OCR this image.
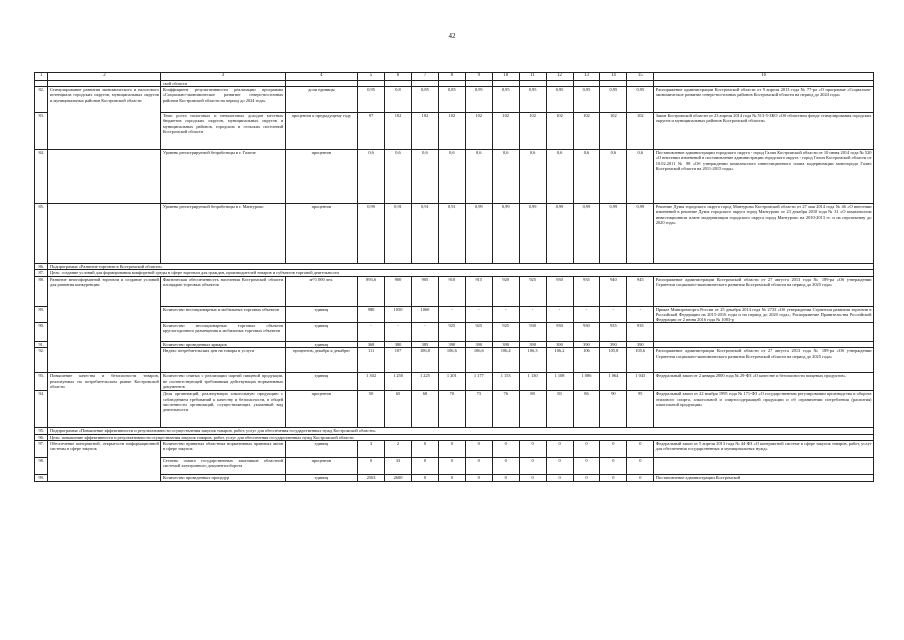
42
1	2	3	4	5	6	7	8	9	10	11	12	13	14	15	16
		ской области													
82.	Стимулирование развития экономического и налогового потенциала городских округов, муниципальных округов и муниципальных районов Костромской области	Коэффициент результативности реализации программы «Социально-экономическое развитие северо-восточных районов Костромской области на период до 2024 года»	доли единицы	0,95	0,8	0,85	0,85	0,95	0,95	0,95	0,95	0,95	0,95	0,95	Распоряжение администрации Костромской области от 9 апреля 2013 года № 77-ра «О программе «Социально-экономическое развитие северо-восточных районов Костромской области на период до 2024 года»
83.		Темп роста налоговых и неналоговых доходов местных бюджетов городских округов, муниципальных округов и муниципальных районов, городских и сельских поселений Костромской области	процентов к предыдущему году	97	102	102	102	102	102	102	102	102	102	102	Закон Костромской области от 23 апреля 2014 года № 513-5-ЗКО «Об областном фонде стимулирования городских округов и муниципальных районов Костромской области»
84.		Уровень регистрируемой безработицы в г. Галиче	процентов	0,6	0,6	0,6	0,6	0,6	0,6	0,6	0,6	0,6	0,6	0,6	Постановление администрации городского округа - город Галич Костромской области от 10 июня 2014 года № 520 «О внесении изменений в постановление администрации городского округа - город Галич Костромской области от 10.02.2011 № 98 «Об утверждении комплексного инвестиционного плана модернизации моногорода Галич Костромской области на 2011-2015 годы»
85.		Уровень регистрируемой безработицы в г. Мантурово	процентов	0,99	0,91	0,91	0,91	0,99	0,99	0,99	0,99	0,99	0,99	0,99	Решение Думы городского округа город Мантурово Костромской области от 27 мая 2014 года № 46 «О внесении изменений в решение Думы городского округа город Мантурово от 23 декабря 2010 года № 31 «О комплексном инвестиционном плане модернизации городского округа город Мантурово на 2010-2013 гг. и на перспективу до 2020 года»
86.	Подпрограмма «Развитие торговли в Костромской области»														
87.	Цель: создание условий для формирования комфортной среды в сфере торговли для граждан, производителей товаров и субъектов торговой деятельности														
88.	Развитие многоформатной торговли и создание условий для развития конкуренции	Фактическая обеспеченность населения Костромской области площадью торговых объектов	м²/1 000 чел.	893,6	900	905	910	915	920	925	930	935	940	945	Распоряжение администрации Костромской области от 27 августа 2013 года № 189-ра «Об утверждении Стратегии социально-экономического развития Костромской области на период до 2025 года»
89.		Количество нестационарных и мобильных торговых объектов	единиц	980	1050	1060	-	-	-	-	-	-	-	-	Приказ Минпромторга России от 25 декабря 2014 года № 2733 «Об утверждении Стратегии развития торговли в Российской Федерации на 2015-2016 годы и на период до 2020 года»; Распоряжение Правительства Российской Федерации от 2 июня 2016 года № 1083-р
90.		Количество нестационарных торговых объектов круглогодичного размещения и мобильных торговых объектов	единиц	-	-	-	925	925	925	930	930	930	935	935	
91.		Количество проведенных ярмарок	единиц	368	380	385	390	390	390	390	390	390	390	390	
92.		Индекс потребительских цен на товары и услуги	процентов, декабрь к декабрю	111	107	106,8	106,6	106,6	106,4	106,3	106,2	106	105,8	105,6	Распоряжение администрации Костромской области от 27 августа 2013 года № 189-ра «Об утверждении Стратегии социально-экономического развития Костромской области на период до 2025 года»
93.	Повышение качества и безопасности товаров, реализуемых на потребительском рынке Костромской области	Количество снятых с реализации партий пищевой продукции, не соответствующей требованиям действующих нормативных документов	единиц	1 302	1 250	1 225	1 201	1 177	1 153	1 130	1 108	1 086	1 064	1 043	Федеральный закон от 2 января 2000 года № 29-ФЗ «О качестве и безопасности пищевых продуктов»
94.		Доля организаций, реализующих алкогольную продукцию с соблюдением требований к качеству и безопасности, в общей численности организаций, осуществляющих указанный вид деятельности	процентов	50	65	68	70	73	76	80	83	86	90	95	Федеральный закон от 22 ноября 1995 года № 171-ФЗ «О государственном регулировании производства и оборота этилового спирта, алкогольной и спиртосодержащей продукции и об ограничении потребления (распития) алкогольной продукции»
95.	Подпрограмма «Повышение эффективности и результативности осуществления закупок товаров, работ, услуг для обеспечения государственных нужд Костромской области»														
96.	Цель: повышение эффективности и результативности осуществления закупок товаров, работ, услуг для обеспечения государственных нужд Костромской области														
97.	Обеспечение контрактной, открытости информационной системы в сфере закупок	Количество принятых областных нормативных правовых актов в сфере закупок	единиц	3	2	0	0	0	0	0	0	0	0	0	Федеральный закон от 5 апреля 2013 года № 44-ФЗ «О контрактной системе в сфере закупок товаров, работ, услуг для обеспечения государственных и муниципальных нужд»
98.		Степень охвата государственных заказчиков областной системой электронного документооборота	процентов	0	33	0	0	0	0	0	0	0	0	0	
99.		Количество проведенных процедур	единиц	2563	2600	0	0	0	0	0	0	0	0	0	Постановление администрации Костромской
